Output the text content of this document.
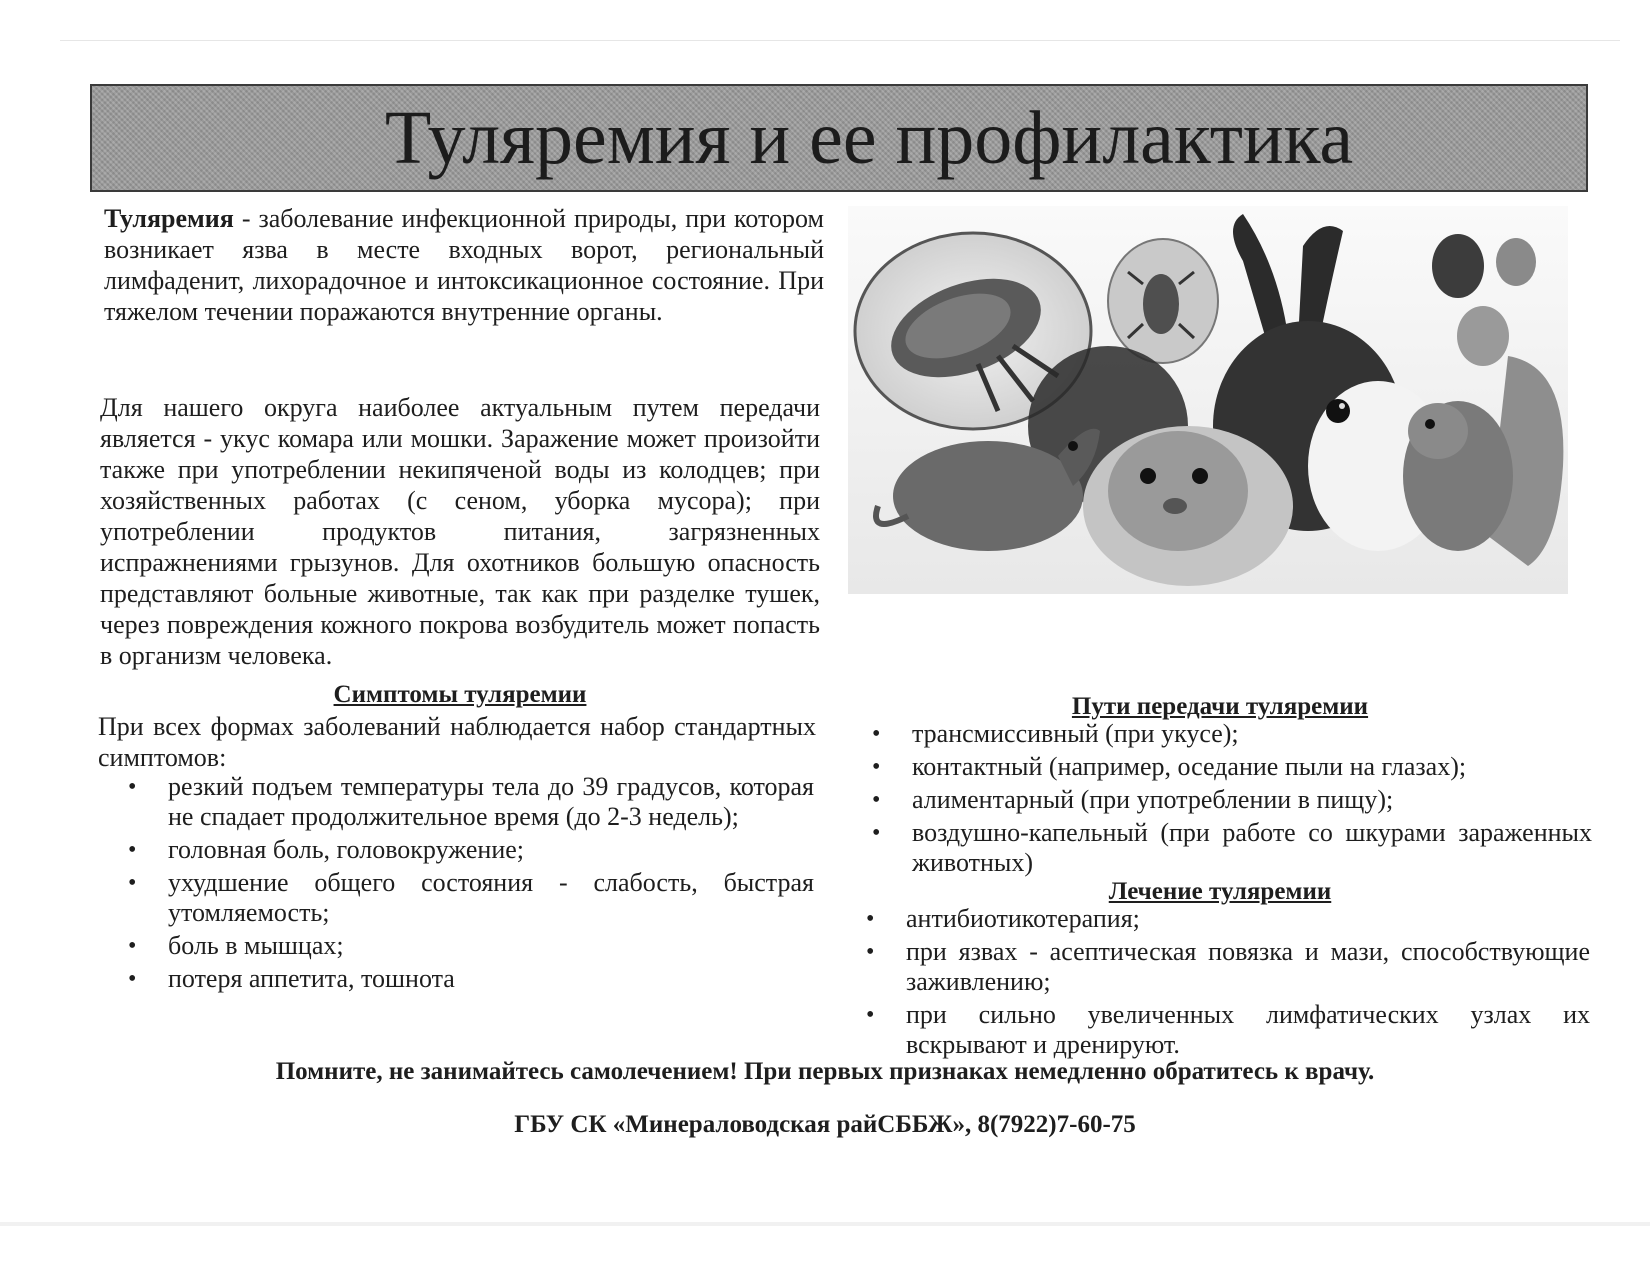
Туляремия и ее профилактика
Туляремия - заболевание инфекционной природы, при котором возникает язва в месте входных ворот, региональный лимфаденит, лихорадочное и интоксикационное состояние. При тяжелом течении поражаются внутренние органы.
Для нашего округа наиболее актуальным путем передачи является - укус комара или мошки. Заражение может произойти также при употреблении некипяченой воды из колодцев; при хозяйственных работах (с сеном, уборка мусора); при употреблении продуктов питания, загрязненных испражнениями грызунов. Для охотников большую опасность представляют больные животные, так как при разделке тушек, через повреждения кожного покрова возбудитель может попасть в организм человека.
Симптомы туляремии
При всех формах заболеваний наблюдается набор стандартных симптомов:
• резкий подъем температуры тела до 39 градусов, которая не спадает продолжительное время (до 2-3 недель);
• головная боль, головокружение;
• ухудшение общего состояния - слабость, быстрая утомляемость;
• боль в мышцах;
• потеря аппетита, тошнота
Пути передачи туляремии
• трансмиссивный (при укусе);
• контактный (например, оседание пыли на глазах);
• алиментарный (при употреблении в пищу);
• воздушно-капельный (при работе со шкурами зараженных животных)
Лечение туляремии
• антибиотикотерапия;
• при язвах - асептическая повязка и мази, способствующие заживлению;
• при сильно увеличенных лимфатических узлах их вскрывают и дренируют.
Помните, не занимайтесь самолечением! При первых признаках немедленно обратитесь к врачу.
ГБУ СК «Минераловодская райСББЖ», 8(7922)7-60-75
